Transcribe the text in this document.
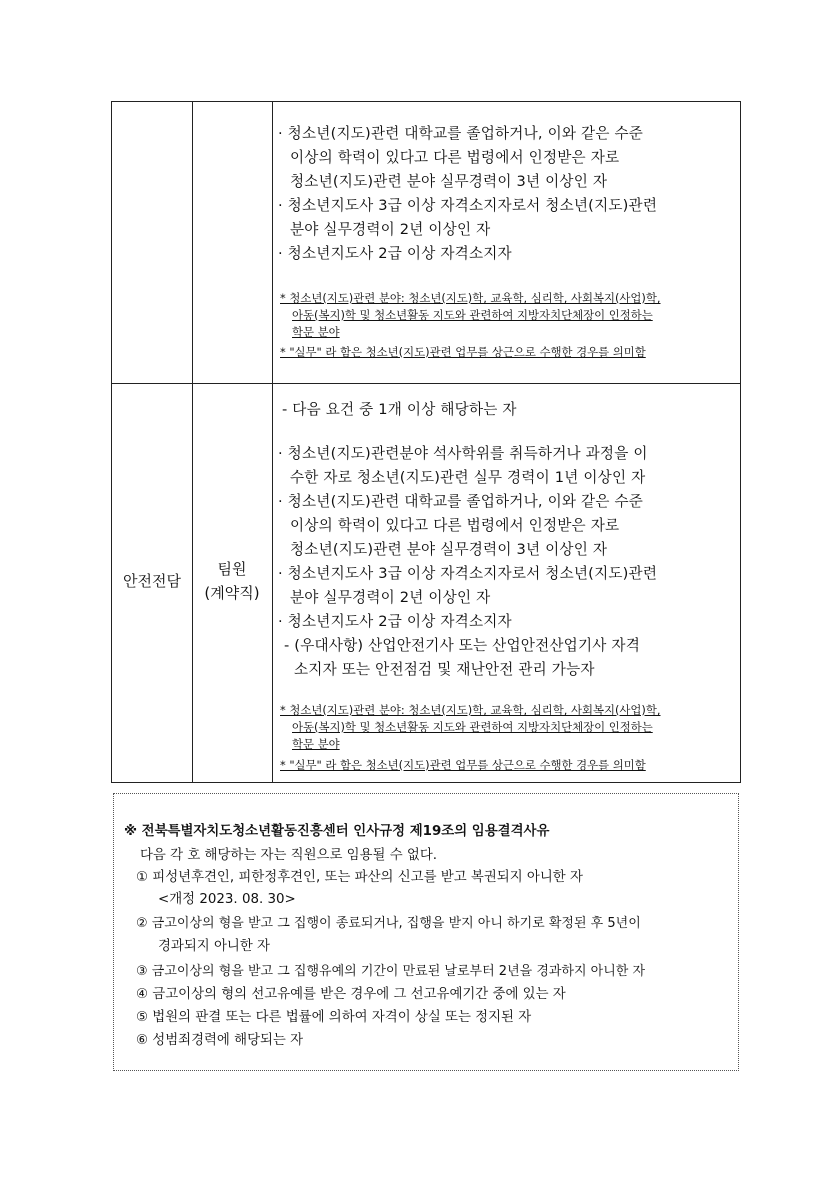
· 청소년(지도)관련 대학교를 졸업하거나, 이와 같은 수준
이상의 학력이 있다고 다른 법령에서 인정받은 자로
청소년(지도)관련 분야 실무경력이 3년 이상인 자
· 청소년지도사 3급 이상 자격소지자로서 청소년(지도)관련
분야 실무경력이 2년 이상인 자
· 청소년지도사 2급 이상 자격소지자
* 청소년(지도)관련 분야: 청소년(지도)학, 교육학, 심리학, 사회복지(사업)학,
아동(복지)학 및 청소년활동 지도와 관련하여 지방자치단체장이 인정하는
학문 분야
* "실무" 라 함은 청소년(지도)관련 업무를 상근으로 수행한 경우를 의미함
안전전담
팀원
(계약직)
- 다음 요건 중 1개 이상 해당하는 자
· 청소년(지도)관련분야 석사학위를 취득하거나 과정을 이
수한 자로 청소년(지도)관련 실무 경력이 1년 이상인 자
· 청소년(지도)관련 대학교를 졸업하거나, 이와 같은 수준
이상의 학력이 있다고 다른 법령에서 인정받은 자로
청소년(지도)관련 분야 실무경력이 3년 이상인 자
· 청소년지도사 3급 이상 자격소지자로서 청소년(지도)관련
분야 실무경력이 2년 이상인 자
· 청소년지도사 2급 이상 자격소지자
- (우대사항) 산업안전기사 또는 산업안전산업기사 자격
소지자 또는 안전점검 및 재난안전 관리 가능자
* 청소년(지도)관련 분야: 청소년(지도)학, 교육학, 심리학, 사회복지(사업)학,
아동(복지)학 및 청소년활동 지도와 관련하여 지방자치단체장이 인정하는
학문 분야
* "실무" 라 함은 청소년(지도)관련 업무를 상근으로 수행한 경우를 의미함
※ 전북특별자치도청소년활동진흥센터 인사규정 제19조의 임용결격사유
다음 각 호 해당하는 자는 직원으로 임용될 수 없다.
① 피성년후견인, 피한정후견인, 또는 파산의 신고를 받고 복권되지 아니한 자
<개정 2023. 08. 30>
② 금고이상의 형을 받고 그 집행이 종료되거나, 집행을 받지 아니 하기로 확정된 후 5년이
경과되지 아니한 자
③ 금고이상의 형을 받고 그 집행유예의 기간이 만료된 날로부터 2년을 경과하지 아니한 자
④ 금고이상의 형의 선고유예를 받은 경우에 그 선고유예기간 중에 있는 자
⑤ 법원의 판결 또는 다른 법률에 의하여 자격이 상실 또는 정지된 자
⑥ 성범죄경력에 해당되는 자
